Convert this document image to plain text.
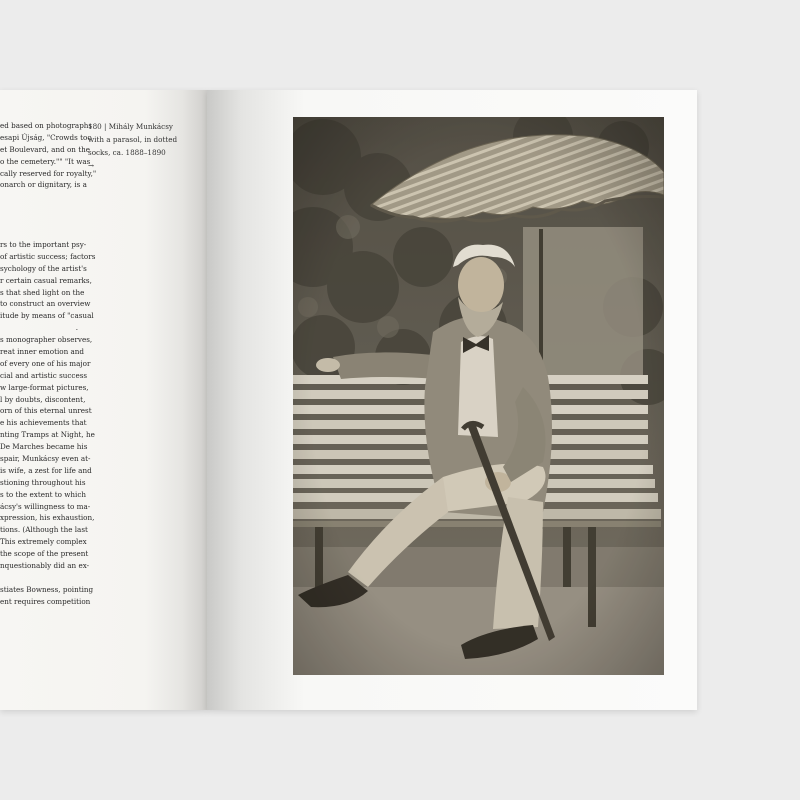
ed based on photographs
esapi Újság, "Crowds too
et Boulevard, and on the
o the cemetery."" "It was
cally reserved for royalty,"
onarch or dignitary, is a
rs to the important psy-
of artistic success; factors
sychology of the artist's
r certain casual remarks,
s that shed light on the
to construct an overview
itude by means of "casual
.
s monographer observes,
reat inner emotion and
of every one of his major
cial and artistic success
w large-format pictures,
l by doubts, discontent,
orn of this eternal unrest
e his achievements that
nting Tramps at Night, he
De Marches became his
spair, Munkácsy even at-
is wife, a zest for life and
stioning throughout his
s to the extent to which
ácsy's willingness to ma-
xpression, his exhaustion,
tions. (Although the last
This extremely complex
the scope of the present
nquestionably did an ex-
stiates Bowness, pointing
ent requires competition
180 | Mihály Munkácsy
with a parasol, in dotted
socks, ca. 1888–1890
→
